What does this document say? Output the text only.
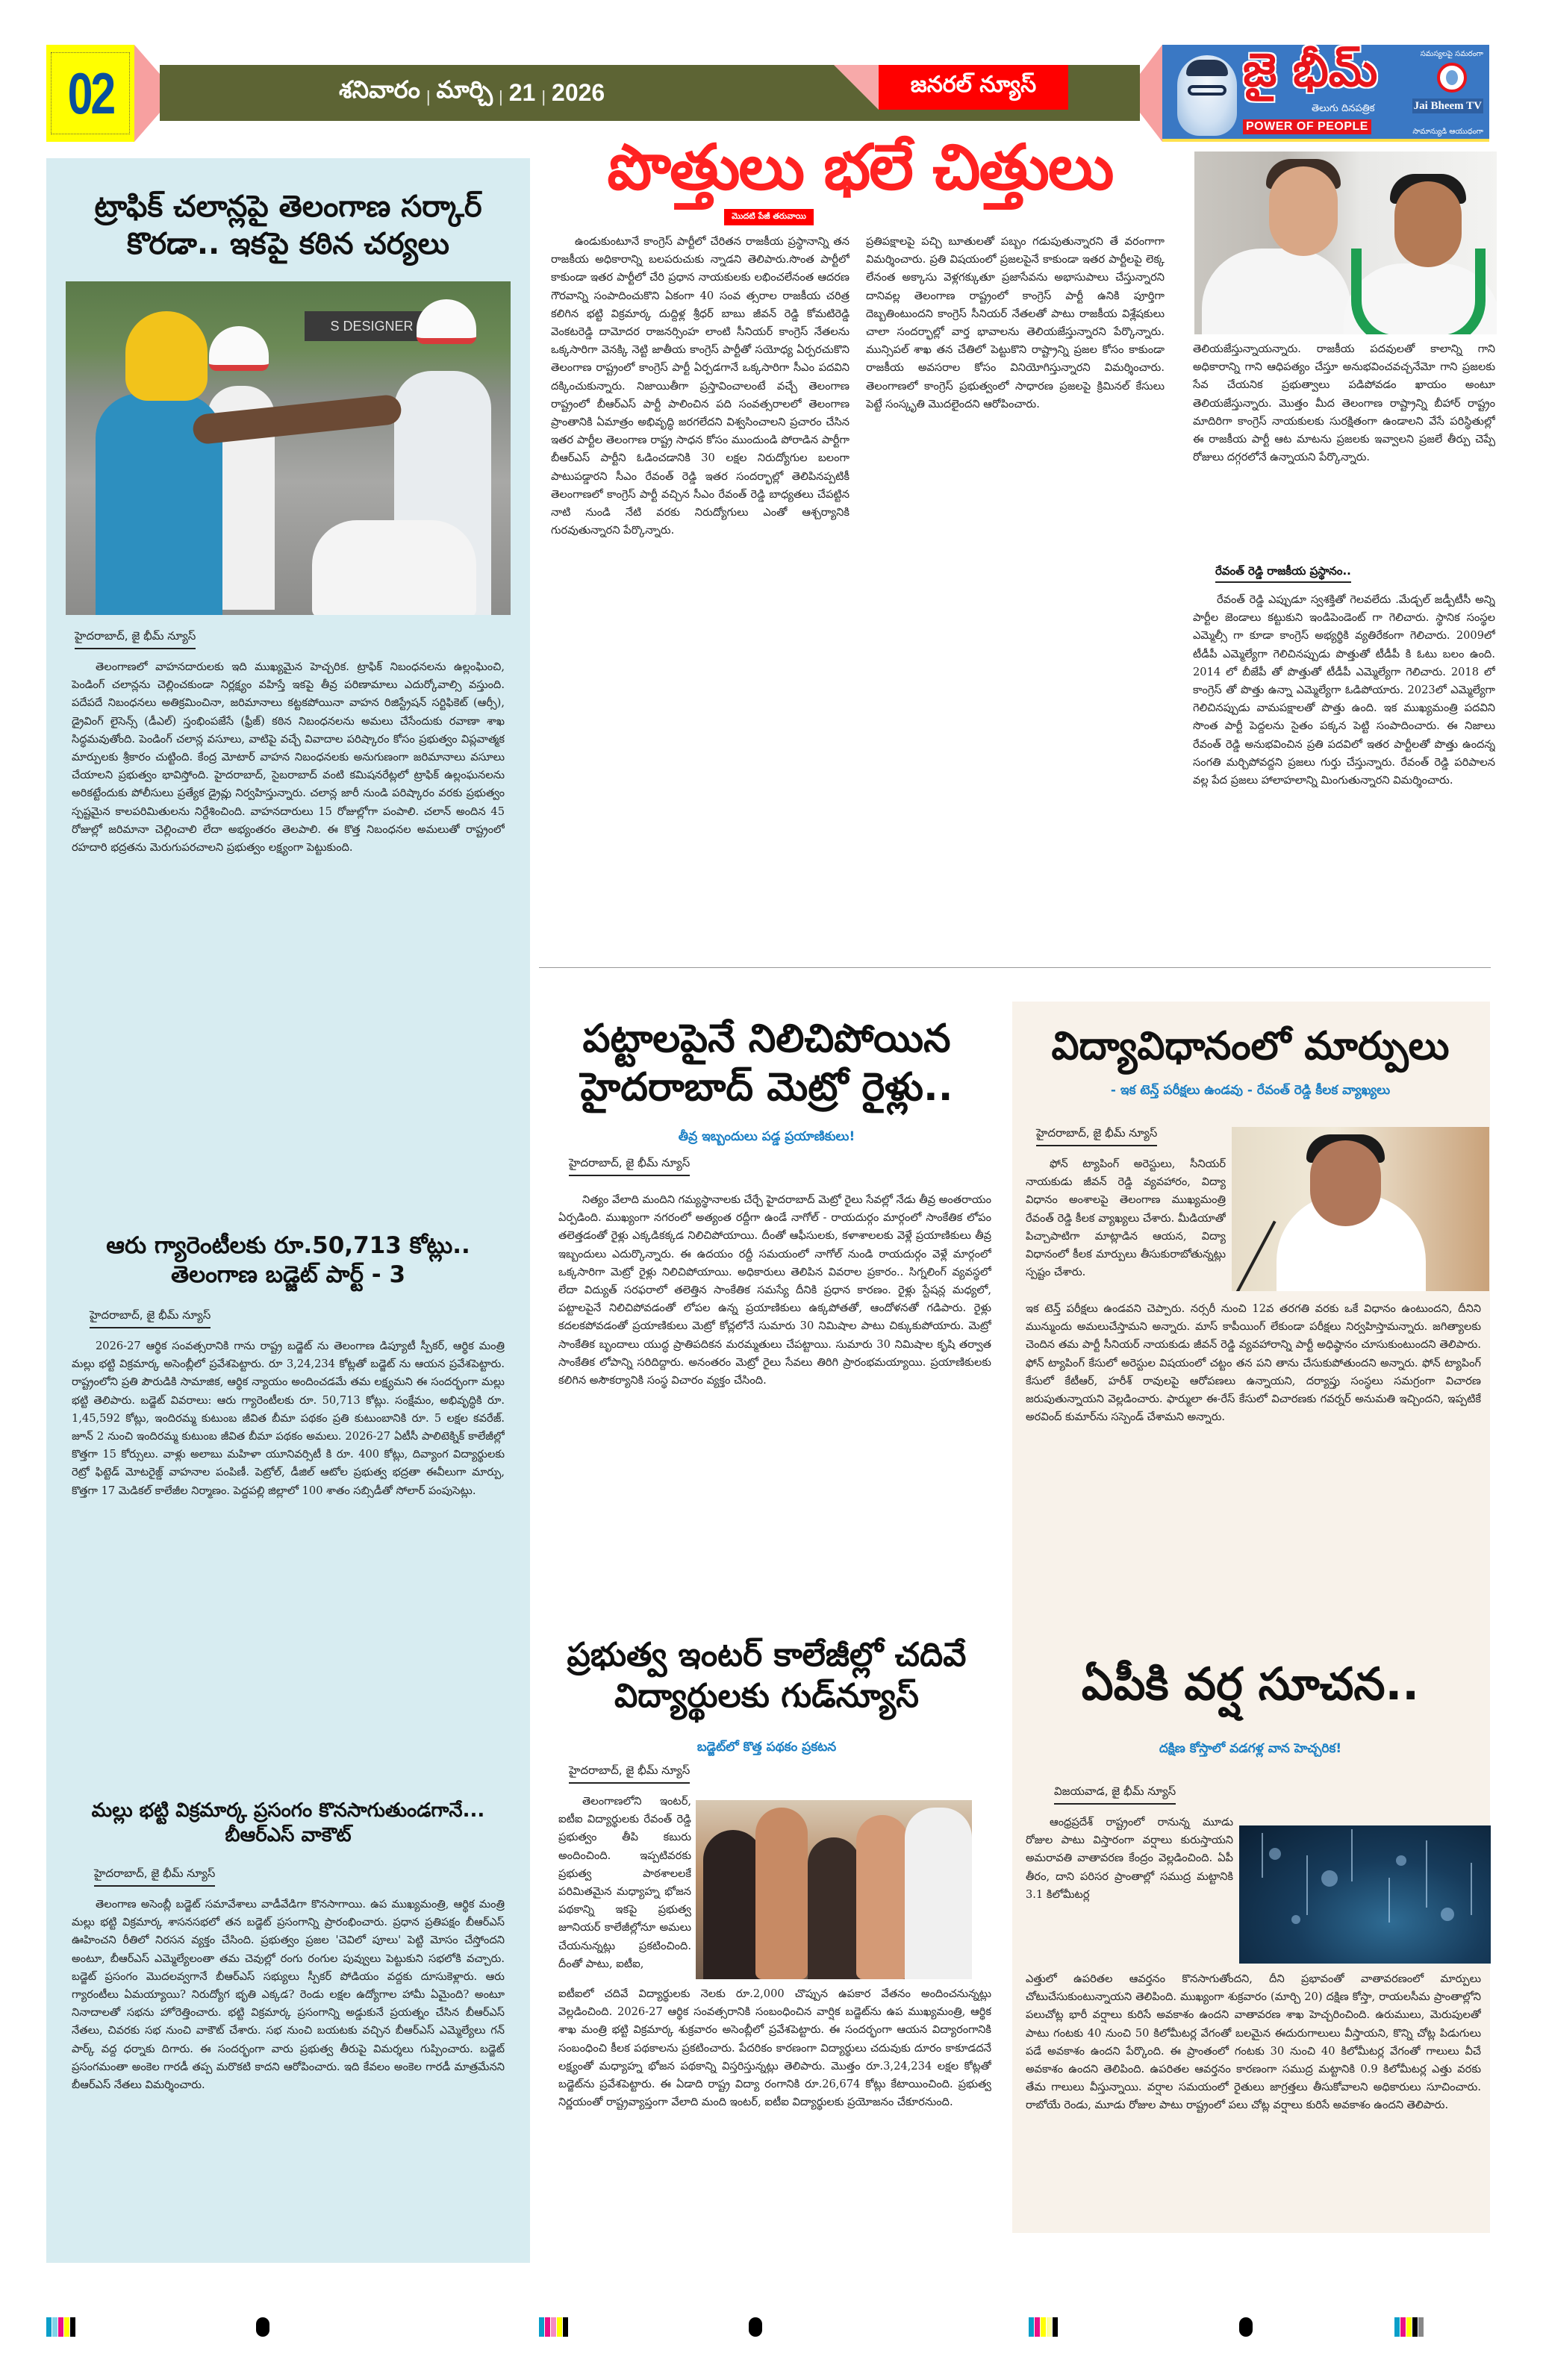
02	శనివారం | మార్చి | 21 | 2026	జనరల్ న్యూస్	జై భీమ్
తెలుగు దినపత్రిక
POWER OF PEOPLE
సమస్యలపై సమరంగా
Jai Bheem TV
సామాన్యుడి ఆయుధంగా
ట్రాఫిక్ చలాన్లపై తెలంగాణ సర్కార్ కొరడా.. ఇకపై కఠిన చర్యలు
S DESIGNER
హైదరాబాద్, జై భీమ్ న్యూస్

తెలంగాణలో వాహనదారులకు ఇది ముఖ్యమైన హెచ్చరిక. ట్రాఫిక్ నిబంధనలను ఉల్లంఘించి, పెండింగ్ చలాన్లను చెల్లించకుండా నిర్లక్ష్యం వహిస్తే ఇకపై తీవ్ర పరిణామాలు ఎదుర్కోవాల్సి వస్తుంది. పదేపదే నిబంధనలు అతిక్రమించినా, జరిమానాలు కట్టకపోయినా వాహన రిజిస్ట్రేషన్ సర్టిఫికెట్ (ఆర్సీ), డ్రైవింగ్ లైసెన్స్ (డీఎల్) స్తంభింపజేసే (ఫ్రీజ్) కఠిన నిబంధనలను అమలు చేసేందుకు రవాణా శాఖ సిద్ధమవుతోంది. పెండింగ్ చలాన్ల వసూలు, వాటిపై వచ్చే వివాదాల పరిష్కారం కోసం ప్రభుత్వం విప్లవాత్మక మార్పులకు శ్రీకారం చుట్టింది. కేంద్ర మోటార్ వాహన నిబంధనలకు అనుగుణంగా జరిమానాలు వసూలు చేయాలని ప్రభుత్వం భావిస్తోంది. హైదరాబాద్, సైబరాబాద్ వంటి కమిషనరేట్లలో ట్రాఫిక్ ఉల్లంఘనలను అరికట్టేందుకు పోలీసులు ప్రత్యేక డ్రైవ్లు నిర్వహిస్తున్నారు. చలాన్ల జారీ నుండి పరిష్కారం వరకు ప్రభుత్వం స్పష్టమైన కాలపరిమితులను నిర్దేశించింది. వాహనదారులు 15 రోజుల్లోగా పంపాలి. చలాన్ అందిన 45 రోజుల్లో జరిమానా చెల్లించాలి లేదా అభ్యంతరం తెలపాలి. ఈ కొత్త నిబంధనల అమలుతో రాష్ట్రంలో రహదారి భద్రతను మెరుగుపరచాలని ప్రభుత్వం లక్ష్యంగా పెట్టుకుంది.

ఆరు గ్యారెంటీలకు రూ.50,713 కోట్లు.. తెలంగాణ బడ్జెట్ పార్ట్ - 3
హైదరాబాద్, జై భీమ్ న్యూస్

2026-27 ఆర్థిక సంవత్సరానికి గాను రాష్ట్ర బడ్జెట్ ను తెలంగాణ డిప్యూటీ స్పీకర్, ఆర్థిక మంత్రి మల్లు భట్టి విక్రమార్క అసెంబ్లీలో ప్రవేశపెట్టారు. రూ 3,24,234 కోట్లతో బడ్జెట్ ను ఆయన ప్రవేశపెట్టారు. రాష్ట్రంలోని ప్రతి పౌరుడికి సామాజిక, ఆర్థిక న్యాయం అందించడమే తమ లక్ష్యమని ఈ సందర్భంగా మల్లు భట్టి తెలిపారు. బడ్జెట్ వివరాలు: ఆరు గ్యారెంటీలకు రూ. 50,713 కోట్లు. సంక్షేమం, అభివృద్ధికి రూ. 1,45,592 కోట్లు, ఇందిరమ్మ కుటుంబ జీవిత బీమా పథకం ప్రతి కుటుంబానికి రూ. 5 లక్షల కవరేజ్. జూన్ 2 నుంచి ఇందిరమ్మ కుటుంబ జీవిత బీమా పథకం అమలు. 2026-27 ఏటీసీ పాలిటెక్నిక్ కాలేజీల్లో కొత్తగా 15 కోర్సులు. వాళ్లు అలాబు మహిళా యూనివర్సిటీ కి రూ. 400 కోట్లు, దివ్యాంగ విద్యార్థులకు రెట్రో ఫిట్టెడ్ మోటరైజ్డ్ వాహనాల పంపిణీ. పెట్రోల్, డీజిల్ ఆటోల ప్రభుత్వ భద్రతా ఈవీలుగా మార్పు, కొత్తగా 17 మెడికల్ కాలేజీల నిర్మాణం. పెద్దపల్లి జిల్లాలో 100 శాతం సబ్సిడీతో సోలార్ పంపుసెట్లు.

మల్లు భట్టి విక్రమార్క ప్రసంగం కొనసాగుతుండగానే... బీఆర్ఎస్ వాకౌట్
హైదరాబాద్, జై భీమ్ న్యూస్

తెలంగాణ అసెంబ్లీ బడ్జెట్ సమావేశాలు వాడీవేడిగా కొనసాగాయి. ఉప ముఖ్యమంత్రి, ఆర్థిక మంత్రి మల్లు భట్టి విక్రమార్క శాసనసభలో తన బడ్జెట్ ప్రసంగాన్ని ప్రారంభించారు. ప్రధాన ప్రతిపక్షం బీఆర్ఎస్ ఊహించని రీతిలో నిరసన వ్యక్తం చేసింది. ప్రభుత్వం ప్రజల 'చెవిలో పూలు' పెట్టి మోసం చేస్తోందని అంటూ, బీఆర్ఎస్ ఎమ్మెల్యేలంతా తమ చెవుల్లో రంగు రంగుల పువ్వులు పెట్టుకుని సభలోకి వచ్చారు. బడ్జెట్ ప్రసంగం మొదలవ్వగానే బీఆర్ఎస్ సభ్యులు స్పీకర్ పోడియం వద్దకు దూసుకెళ్లారు. ఆరు గ్యారంటీలు ఏమయ్యాయి? నిరుద్యోగ భృతి ఎక్కడ? రెండు లక్షల ఉద్యోగాల హామీ ఏమైంది? అంటూ నినాదాలతో సభను హోరెత్తించారు. భట్టి విక్రమార్క ప్రసంగాన్ని అడ్డుకునే ప్రయత్నం చేసిన బీఆర్ఎస్ నేతలు, చివరకు సభ నుంచి వాకౌట్ చేశారు. సభ నుంచి బయటకు వచ్చిన బీఆర్ఎస్ ఎమ్మెల్యేలు గన్ పార్క్ వద్ద ధర్నాకు దిగారు. ఈ సందర్భంగా వారు ప్రభుత్వ తీరుపై విమర్శలు గుప్పించారు. బడ్జెట్ ప్రసంగమంతా అంకెల గారడీ తప్ప మరొకటి కాదని ఆరోపించారు. ఇది కేవలం అంకెల గారడీ మాత్రమేనని బీఆర్ఎస్ నేతలు విమర్శించారు.

పొత్తులు భలే చిత్తులు
మొదటి పేజీ తరువాయి

ఉండుకుంటూనే కాంగ్రెస్ పార్టీలో చేరితన రాజకీయ ప్రస్థానాన్ని తన రాజకీయ అధికారాన్ని బలపరుచుకు న్నాడని తెలిపారు.సొంత పార్టీలో కాకుండా ఇతర పార్టీలో చేరి ప్రధాన నాయకులకు లభించలేనంత ఆదరణ గౌరవాన్ని సంపాదించుకొని ఏకంగా 40 సంవ త్సరాల రాజకీయ చరిత్ర కలిగిన భట్టి విక్రమార్క దుద్దిళ్ల శ్రీధర్ బాబు జీవన్ రెడ్డి కోమటిరెడ్డి వెంకటరెడ్డి దామోదర రాజనర్సింహ లాంటి సీనియర్ కాంగ్రెస్ నేతలను ఒక్కసారిగా వెనక్కి నెట్టి జాతీయ కాంగ్రెస్ పార్టీతో సయోధ్య ఏర్పరచుకొని తెలంగాణ రాష్ట్రంలో కాంగ్రెస్ పార్టీ ఏర్పడగానే ఒక్కసారిగా సీఎం పదవిని దక్కించుకున్నారు. నిజాయితీగా ప్రస్తావించాలంటే వచ్చే తెలంగాణ రాష్ట్రంలో బీఆర్ఎస్ పార్టీ పాలించిన పది సంవత్సరాలలో తెలంగాణ ప్రాంతానికి ఏమాత్రం అభివృద్ధి జరగలేదని విశ్వసించాలని ప్రచారం చేసిన ఇతర పార్టీల తెలంగాణ రాష్ట్ర సాధన కోసం ముందుండి పోరాడిన పార్టీగా బీఆర్ఎస్ పార్టీని ఓడించడానికి 30 లక్షల నిరుద్యోగుల బలంగా పాటుపడ్డారని సీఎం రేవంత్ రెడ్డి ఇతర సందర్భాల్లో తెలిపినప్పటికీ తెలంగాణలో కాంగ్రెస్ పార్టీ వచ్చిన సీఎం రేవంత్ రెడ్డి బాధ్యతలు చేపట్టిన నాటి నుండి నేటి వరకు నిరుద్యోగులు ఎంతో ఆశ్చర్యానికి గురవుతున్నారని పేర్కొన్నారు.

ప్రతిపక్షాలపై పచ్చి బూతులతో పబ్బం గడుపుతున్నారని తే వరంగాగా విమర్శించారు. ప్రతి విషయంలో ప్రజలపైనే కాకుండా ఇతర పార్టీలపై లెక్క లేనంత అక్కాసు వెళ్లగక్కుతూ ప్రజాసేవను అభాసుపాలు చేస్తున్నారని దానివల్ల తెలంగాణ రాష్ట్రంలో కాంగ్రెస్ పార్టీ ఉనికి పూర్తిగా దెబ్బతింటుందని కాంగ్రెస్ సీనియర్ నేతలతో పాటు రాజకీయ విశ్లేషకులు చాలా సందర్భాల్లో వార్త భావాలను తెలియజేస్తున్నారని పేర్కొన్నారు. మున్సిపల్ శాఖ తన చేతిలో పెట్టుకొని రాష్ట్రాన్ని ప్రజల కోసం కాకుండా రాజకీయ అవసరాల కోసం వినియోగిస్తున్నారని విమర్శించారు. తెలంగాణలో కాంగ్రెస్ ప్రభుత్వంలో సాధారణ ప్రజలపై క్రిమినల్ కేసులు పెట్టే సంస్కృతి మొదలైందని ఆరోపించారు.

తెలియజేస్తున్నాయన్నారు. రాజకీయ పదవులతో కాలాన్ని గాని అధికారాన్ని గాని ఆధిపత్యం చేస్తూ అనుభవించవచ్చనేమో గాని ప్రజలకు సేవ చేయనిక ప్రభుత్వాలు పడిపోవడం ఖాయం అంటూ తెలియజేస్తున్నారు. మొత్తం మీద తెలంగాణ రాష్ట్రాన్ని బీహార్ రాష్ట్రం మాదిరిగా కాంగ్రెస్ నాయకులకు సురక్షితంగా ఉండాలని వేసే పరిస్థితుల్లో ఈ రాజకీయ పార్టీ ఆట మాటను ప్రజలకు ఇవ్వాలని ప్రజలే తీర్పు చెప్పే రోజులు దగ్గరలోనే ఉన్నాయని పేర్కొన్నారు.

రేవంత్ రెడ్డి రాజకీయ ప్రస్థానం..

రేవంత్ రెడ్డి ఎప్పుడూ స్వశక్తితో గెలవలేదు .మేడ్చల్ జడ్పీటీసీ అన్ని పార్టీల జెండాలు కట్టుకుని ఇండిపెండెంట్ గా గెలిచారు. స్థానిక సంస్థల ఎమ్మెల్సీ గా కూడా కాంగ్రెస్ అభ్యర్థికి వ్యతిరేకంగా గెలిచారు. 2009లో టీడీపీ ఎమ్మెల్యేగా గెలిచినప్పుడు పొత్తుతో టీడీపీ కి ఓటు బలం ఉంది. 2014 లో బీజేపీ తో పొత్తుతో టీడీపీ ఎమ్మెల్యేగా గెలిచారు. 2018 లో కాంగ్రెస్ తో పొత్తు ఉన్నా ఎమ్మెల్యేగా ఓడిపోయారు. 2023లో ఎమ్మెల్యేగా గెలిచినప్పుడు వామపక్షాలతో పొత్తు ఉంది. ఇక ముఖ్యమంత్రి పదవిని సొంత పార్టీ పెద్దలను సైతం పక్కన పెట్టి సంపాదించారు. ఈ నిజాలు రేవంత్ రెడ్డి అనుభవించిన ప్రతి పదవిలో ఇతర పార్టీలతో పొత్తు ఉందన్న సంగతి మర్చిపోవద్దని ప్రజలు గుర్తు చేస్తున్నారు. రేవంత్ రెడ్డి పరిపాలన వల్ల పేద ప్రజలు హాలాహలాన్ని మింగుతున్నారని విమర్శించారు.

పట్టాలపైనే నిలిచిపోయిన హైదరాబాద్ మెట్రో రైళ్లు..
తీవ్ర ఇబ్బందులు పడ్డ ప్రయాణికులు!
హైదరాబాద్, జై భీమ్ న్యూస్

నిత్యం వేలాది మందిని గమ్యస్థానాలకు చేర్చే హైదరాబాద్ మెట్రో రైలు సేవల్లో నేడు తీవ్ర అంతరాయం ఏర్పడింది. ముఖ్యంగా నగరంలో అత్యంత రద్దీగా ఉండే నాగోల్ - రాయదుర్గం మార్గంలో సాంకేతిక లోపం తలెత్తడంతో రైళ్లు ఎక్కడికక్కడ నిలిచిపోయాయి. దీంతో ఆఫీసులకు, కళాశాలలకు వెళ్లే ప్రయాణికులు తీవ్ర ఇబ్బందులు ఎదుర్కొన్నారు. ఈ ఉదయం రద్దీ సమయంలో నాగోల్ నుండి రాయదుర్గం వెళ్లే మార్గంలో ఒక్కసారిగా మెట్రో రైళ్లు నిలిచిపోయాయి. అధికారులు తెలిపిన వివరాల ప్రకారం.. సిగ్నలింగ్ వ్యవస్థలో లేదా విద్యుత్ సరఫరాలో తలెత్తిన సాంకేతిక సమస్యే దీనికి ప్రధాన కారణం. రైళ్లు స్టేషన్ల మధ్యలో, పట్టాలపైనే నిలిచిపోవడంతో లోపల ఉన్న ప్రయాణికులు ఉక్కపోతతో, ఆందోళనతో గడిపారు. రైళ్లు కదలకపోవడంతో ప్రయాణికులు మెట్రో కోచ్లలోనే సుమారు 30 నిమిషాల పాటు చిక్కుకుపోయారు. మెట్రో సాంకేతిక బృందాలు యుద్ధ ప్రాతిపదికన మరమ్మతులు చేపట్టాయి. సుమారు 30 నిమిషాల కృషి తర్వాత సాంకేతిక లోపాన్ని సరిదిద్దారు. అనంతరం మెట్రో రైలు సేవలు తిరిగి ప్రారంభమయ్యాయి. ప్రయాణికులకు కలిగిన అసౌకర్యానికి సంస్థ విచారం వ్యక్తం చేసింది.

ప్రభుత్వ ఇంటర్ కాలేజీల్లో చదివే విద్యార్థులకు గుడ్‌న్యూస్
బడ్జెట్‌లో కొత్త పథకం ప్రకటన
హైదరాబాద్, జై భీమ్ న్యూస్

తెలంగాణలోని ఇంటర్, ఐటీఐ విద్యార్థులకు రేవంత్ రెడ్డి ప్రభుత్వం తీపి కబురు అందించింది. ఇప్పటివరకు ప్రభుత్వ పాఠశాలలకే పరిమితమైన మధ్యాహ్న భోజన పథకాన్ని ఇకపై ప్రభుత్వ జూనియర్ కాలేజీల్లోనూ అమలు చేయనున్నట్లు ప్రకటించింది. దీంతో పాటు, ఐటీఐ,

ఐటీఐలో చదివే విద్యార్థులకు నెలకు రూ.2,000 చొప్పున ఉపకార వేతనం అందించనున్నట్లు వెల్లడించింది. 2026-27 ఆర్థిక సంవత్సరానికి సంబంధించిన వార్షిక బడ్జెట్‌ను ఉప ముఖ్యమంత్రి, ఆర్థిక శాఖ మంత్రి భట్టి విక్రమార్క శుక్రవారం అసెంబ్లీలో ప్రవేశపెట్టారు. ఈ సందర్భంగా ఆయన విద్యారంగానికి సంబంధించి కీలక పథకాలను ప్రకటించారు. పేదరికం కారణంగా విద్యార్థులు చదువుకు దూరం కాకూడదనే లక్ష్యంతో మధ్యాహ్న భోజన పథకాన్ని విస్తరిస్తున్నట్లు తెలిపారు. మొత్తం రూ.3,24,234 లక్షల కోట్లతో బడ్జెట్‌ను ప్రవేశపెట్టారు. ఈ ఏడాది రాష్ట్ర విద్యా రంగానికి రూ.26,674 కోట్లు కేటాయించింది. ప్రభుత్వ నిర్ణయంతో రాష్ట్రవ్యాప్తంగా వేలాది మంది ఇంటర్, ఐటీఐ విద్యార్థులకు ప్రయోజనం చేకూరనుంది.

విద్యావిధానంలో మార్పులు
- ఇక టెన్త్ పరీక్షలు ఉండవు - రేవంత్ రెడ్డి కీలక వ్యాఖ్యలు
హైదరాబాద్, జై భీమ్ న్యూస్

ఫోన్ ట్యాపింగ్ అరెస్టులు, సీనియర్ నాయకుడు జీవన్ రెడ్డి వ్యవహారం, విద్యా విధానం అంశాలపై తెలంగాణ ముఖ్యమంత్రి రేవంత్ రెడ్డి కీలక వ్యాఖ్యలు చేశారు. మీడియాతో పిచ్చాపాటిగా మాట్లాడిన ఆయన, విద్యా విధానంలో కీలక మార్పులు తీసుకురాబోతున్నట్లు స్పష్టం చేశారు.

ఇక టెన్త్ పరీక్షలు ఉండవని చెప్పారు. నర్సరీ నుంచి 12వ తరగతి వరకు ఒకే విధానం ఉంటుందని, దీనిని మున్ముందు అమలుచేస్తామని అన్నారు. మాస్ కాపీయింగ్ లేకుండా పరీక్షలు నిర్వహిస్తామన్నారు. జగిత్యాలకు చెందిన తమ పార్టీ సీనియర్ నాయకుడు జీవన్ రెడ్డి వ్యవహారాన్ని పార్టీ అధిష్ఠానం చూసుకుంటుందని తెలిపారు. ఫోన్ ట్యాపింగ్ కేసులో అరెస్టుల విషయంలో చట్టం తన పని తాను చేసుకుపోతుందని అన్నారు. ఫోన్ ట్యాపింగ్ కేసులో కేటీఆర్, హరీశ్ రావులపై ఆరోపణలు ఉన్నాయని, దర్యాప్తు సంస్థలు సమగ్రంగా విచారణ జరుపుతున్నాయని వెల్లడించారు. ఫార్ములా ఈ-రేస్ కేసులో విచారణకు గవర్నర్ అనుమతి ఇచ్చిందని, ఇప్పటికే అరవింద్ కుమార్‌ను సస్పెండ్ చేశామని అన్నారు.

ఏపీకి వర్ష సూచన..
దక్షిణ కోస్తాలో వడగళ్ల వాన హెచ్చరిక!
విజయవాడ, జై భీమ్ న్యూస్

ఆంధ్రప్రదేశ్ రాష్ట్రంలో రానున్న మూడు రోజుల పాటు విస్తారంగా వర్షాలు కురుస్తాయని అమరావతి వాతావరణ కేంద్రం వెల్లడించింది. ఏపీ తీరం, దాని పరిసర ప్రాంతాల్లో సముద్ర మట్టానికి 3.1 కిలోమీటర్ల

ఎత్తులో ఉపరితల ఆవర్తనం కొనసాగుతోందని, దీని ప్రభావంతో వాతావరణంలో మార్పులు చోటుచేసుకుంటున్నాయని తెలిపింది. ముఖ్యంగా శుక్రవారం (మార్చి 20) దక్షిణ కోస్తా, రాయలసీమ ప్రాంతాల్లోని పలుచోట్ల భారీ వర్షాలు కురిసే అవకాశం ఉందని వాతావరణ శాఖ హెచ్చరించింది. ఉరుములు, మెరుపులతో పాటు గంటకు 40 నుంచి 50 కిలోమీటర్ల వేగంతో బలమైన ఈదురుగాలులు వీస్తాయని, కొన్ని చోట్ల పిడుగులు పడే అవకాశం ఉందని పేర్కొంది. ఈ ప్రాంతంలో గంటకు 30 నుంచి 40 కిలోమీటర్ల వేగంతో గాలులు వీచే అవకాశం ఉందని తెలిపింది. ఉపరితల ఆవర్తనం కారణంగా సముద్ర మట్టానికి 0.9 కిలోమీటర్ల ఎత్తు వరకు తేమ గాలులు వీస్తున్నాయి. వర్షాల సమయంలో రైతులు జాగ్రత్తలు తీసుకోవాలని అధికారులు సూచించారు. రాబోయే రెండు, మూడు రోజుల పాటు రాష్ట్రంలో పలు చోట్ల వర్షాలు కురిసే అవకాశం ఉందని తెలిపారు.
